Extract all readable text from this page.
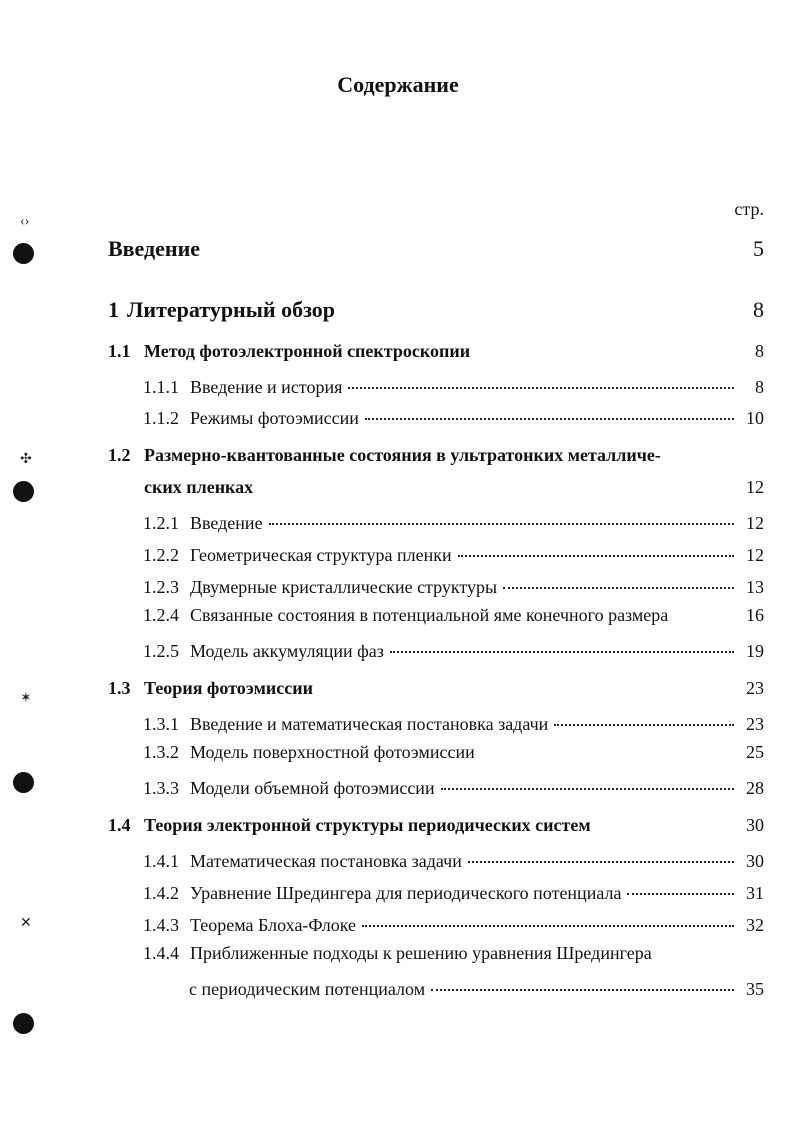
Содержание
стр.
‹›
✣
✶
✕
Введение	5
1 Литературный обзор	8
1.1 Метод фотоэлектронной спектроскопии	8
1.1.1 Введение и история	8
1.1.2 Режимы фотоэмиссии	10
1.2 Размерно-квантованные состояния в ультратонких металличе-
ских пленках	12
1.2.1 Введение	12
1.2.2 Геометрическая структура пленки	12
1.2.3 Двумерные кристаллические структуры	13
1.2.4 Связанные состояния в потенциальной яме конечного размера	16
1.2.5 Модель аккумуляции фаз	19
1.3 Теория фотоэмиссии	23
1.3.1 Введение и математическая постановка задачи	23
1.3.2 Модель поверхностной фотоэмиссии	25
1.3.3 Модели объемной фотоэмиссии	28
1.4 Теория электронной структуры периодических систем	30
1.4.1 Математическая постановка задачи	30
1.4.2 Уравнение Шредингера для периодического потенциала	31
1.4.3 Теорема Блоха-Флоке	32
1.4.4 Приближенные подходы к решению уравнения Шредингера
с периодическим потенциалом	35
